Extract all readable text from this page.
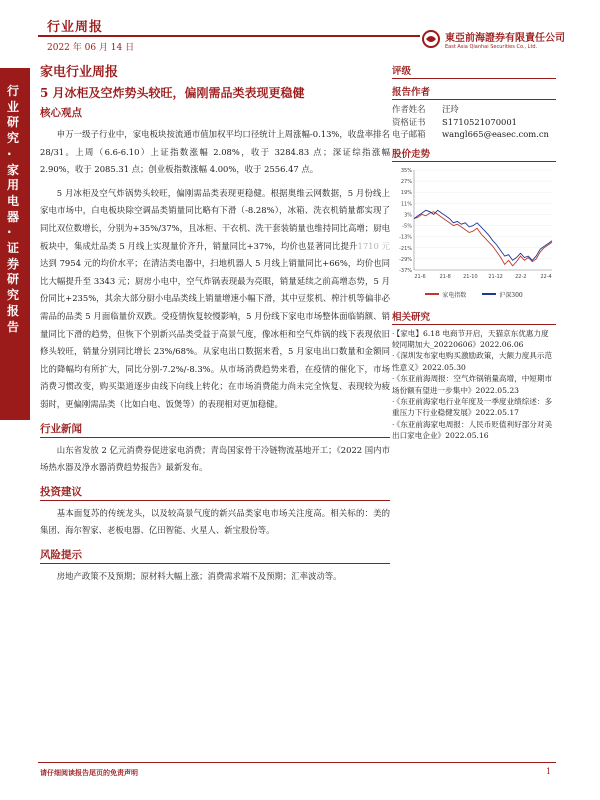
行业周报
2022 年 06 月 14 日
東亞前海證券有限責任公司
East Asia Qianhai Securities Co., Ltd.
行业研究·家用电器·证券研究报告
家电行业周报
5 月冰柜及空炸势头较旺，偏刚需品类表现更稳健
核心观点

申万一级子行业中，家电板块按流通市值加权平均口径统计上周涨幅-0.13%，收盘率排名 28/31。上周（6.6-6.10）上证指数涨幅 2.08%，收于 3284.83 点；深证综指涨幅 2.90%，收于 2085.31 点；创业板指数涨幅 4.00%，收于 2556.47 点。

5 月冰柜及空气炸锅势头较旺，偏刚需品类表现更稳健。根据奥维云网数据，5 月份线上家电市场中，白电板块除空调品类销量同比略有下滑（-8.28%），冰箱、洗衣机销量都实现了同比双位数增长，分别为+35%/37%，且冰柜、干衣机、洗干套装销量也维持同比高增；厨电板块中，集成灶品类 5 月线上实现量价齐升，销量同比+37%，均价也显著同比提升1710 元达到 7954 元的均价水平；在清洁类电器中，扫地机器人 5 月线上销量同比+66%，均价也同比大幅提升至 3343 元；厨房小电中，空气炸锅表现最为亮眼，销量延续之前高增态势，5 月份同比+235%，其余大部分厨小电品类线上销量增速小幅下滑，其中豆浆机、榨汁机等偏非必需品的品类 5 月面临量价双跌。受疫情恢复较慢影响，5 月份线下家电市场整体面临销额、销量同比下滑的趋势，但恢下个别新兴品类受益于高景气度，像冰柜和空气炸锅的线下表现依旧修头较旺，销量分别同比增长 23%/68%。从家电出口数据来看，5 月家电出口数量和金额同比的降幅均有所扩大，同比分别-7.2%/-8.3%。从市场消费趋势来看，在疫情的催化下，市场消费习惯改变，购买渠道逐步由线下向线上转化；在市场消费能力尚未完全恢复、表现较为疲弱时，更偏刚需品类（比如白电、饭煲等）的表现相对更加稳健。

行业新闻

山东省发放 2 亿元消费券促进家电消费；青岛国家骨干冷链物流基地开工；《2022 国内市场热水器及净水器消费趋势报告》最新发布。

投资建议

基本面复苏的传统龙头，以及较高景气度的新兴品类家电市场关注度高。相关标的：美的集团、海尔智家、老板电器、亿田智能、火星人、新宝股份等。

风险提示

房地产政策不及预期；原材料大幅上涨；消费需求端不及预期；汇率波动等。

评级
报告作者
作者姓名	汪玲
资格证书	S1710521070001
电子邮箱	wangl665@easec.com.cn
股价走势
35%
27%
19%
11%
3%
-5%
-13%
-21%
-29%
-37%
21-6	21-8 21-10 21-12 22-2	22-4
家电指数	沪深300
相关研究
· 【家电】6.18 电商节开启，天猫京东优惠力度较同期加大_20220606》2022.06.06
· 《深圳发布家电购买激励政策，大额力度具示范性意义》2022.05.30
· 《东亚前海周报：空气炸锅销量高增，中短期市场份额有望进一步集中》2022.05.23
· 《东亚前海家电行业年度及一季度业绩综述：多重压力下行业稳健发展》2022.05.17
· 《东亚前海家电周报：人民币贬值利好部分对美出口家电企业》2022.05.16
请仔细阅读报告尾页的免责声明	1
